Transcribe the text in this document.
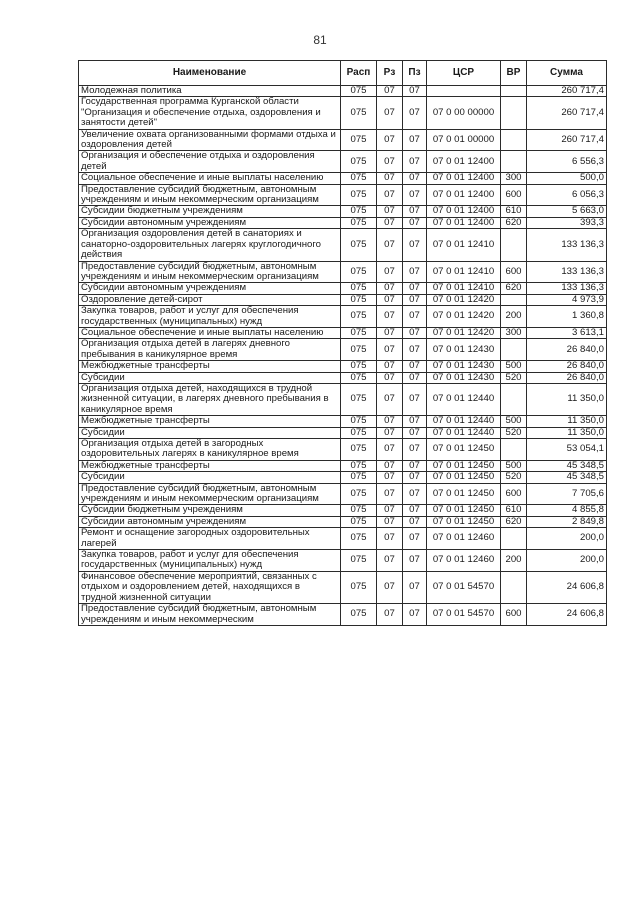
81
Наименование	Расп	Рз	Пз	ЦСР	ВР	Сумма
Молодежная политика	075	07	07			260 717,4
Государственная программа Курганской области "Организация и обеспечение отдыха, оздоровления и занятости детей"	075	07	07	07 0 00 00000		260 717,4
Увеличение охвата организованными формами отдыха и оздоровления детей	075	07	07	07 0 01 00000		260 717,4
Организация и обеспечение отдыха и оздоровления детей	075	07	07	07 0 01 12400		6 556,3
Социальное обеспечение и иные выплаты населению	075	07	07	07 0 01 12400	300	500,0
Предоставление субсидий бюджетным, автономным учреждениям и иным некоммерческим организациям	075	07	07	07 0 01 12400	600	6 056,3
Субсидии бюджетным учреждениям	075	07	07	07 0 01 12400	610	5 663,0
Субсидии автономным учреждениям	075	07	07	07 0 01 12400	620	393,3
Организация оздоровления детей в санаториях и санаторно-оздоровительных лагерях круглогодичного действия	075	07	07	07 0 01 12410		133 136,3
Предоставление субсидий бюджетным, автономным учреждениям и иным некоммерческим организациям	075	07	07	07 0 01 12410	600	133 136,3
Субсидии автономным учреждениям	075	07	07	07 0 01 12410	620	133 136,3
Оздоровление детей-сирот	075	07	07	07 0 01 12420		4 973,9
Закупка товаров, работ и услуг для обеспечения государственных (муниципальных) нужд	075	07	07	07 0 01 12420	200	1 360,8
Социальное обеспечение и иные выплаты населению	075	07	07	07 0 01 12420	300	3 613,1
Организация отдыха детей в лагерях дневного пребывания в каникулярное время	075	07	07	07 0 01 12430		26 840,0
Межбюджетные трансферты	075	07	07	07 0 01 12430	500	26 840,0
Субсидии	075	07	07	07 0 01 12430	520	26 840,0
Организация отдыха детей, находящихся в трудной жизненной ситуации, в лагерях дневного пребывания в каникулярное время	075	07	07	07 0 01 12440		11 350,0
Межбюджетные трансферты	075	07	07	07 0 01 12440	500	11 350,0
Субсидии	075	07	07	07 0 01 12440	520	11 350,0
Организация отдыха детей в загородных оздоровительных лагерях в каникулярное время	075	07	07	07 0 01 12450		53 054,1
Межбюджетные трансферты	075	07	07	07 0 01 12450	500	45 348,5
Субсидии	075	07	07	07 0 01 12450	520	45 348,5
Предоставление субсидий бюджетным, автономным учреждениям и иным некоммерческим организациям	075	07	07	07 0 01 12450	600	7 705,6
Субсидии бюджетным учреждениям	075	07	07	07 0 01 12450	610	4 855,8
Субсидии автономным учреждениям	075	07	07	07 0 01 12450	620	2 849,8
Ремонт и оснащение загородных оздоровительных лагерей	075	07	07	07 0 01 12460		200,0
Закупка товаров, работ и услуг для обеспечения государственных (муниципальных) нужд	075	07	07	07 0 01 12460	200	200,0
Финансовое обеспечение мероприятий, связанных с отдыхом и оздоровлением детей, находящихся в трудной жизненной ситуации	075	07	07	07 0 01 54570		24 606,8
Предоставление субсидий бюджетным, автономным учреждениям и иным некоммерческим	075	07	07	07 0 01 54570	600	24 606,8
